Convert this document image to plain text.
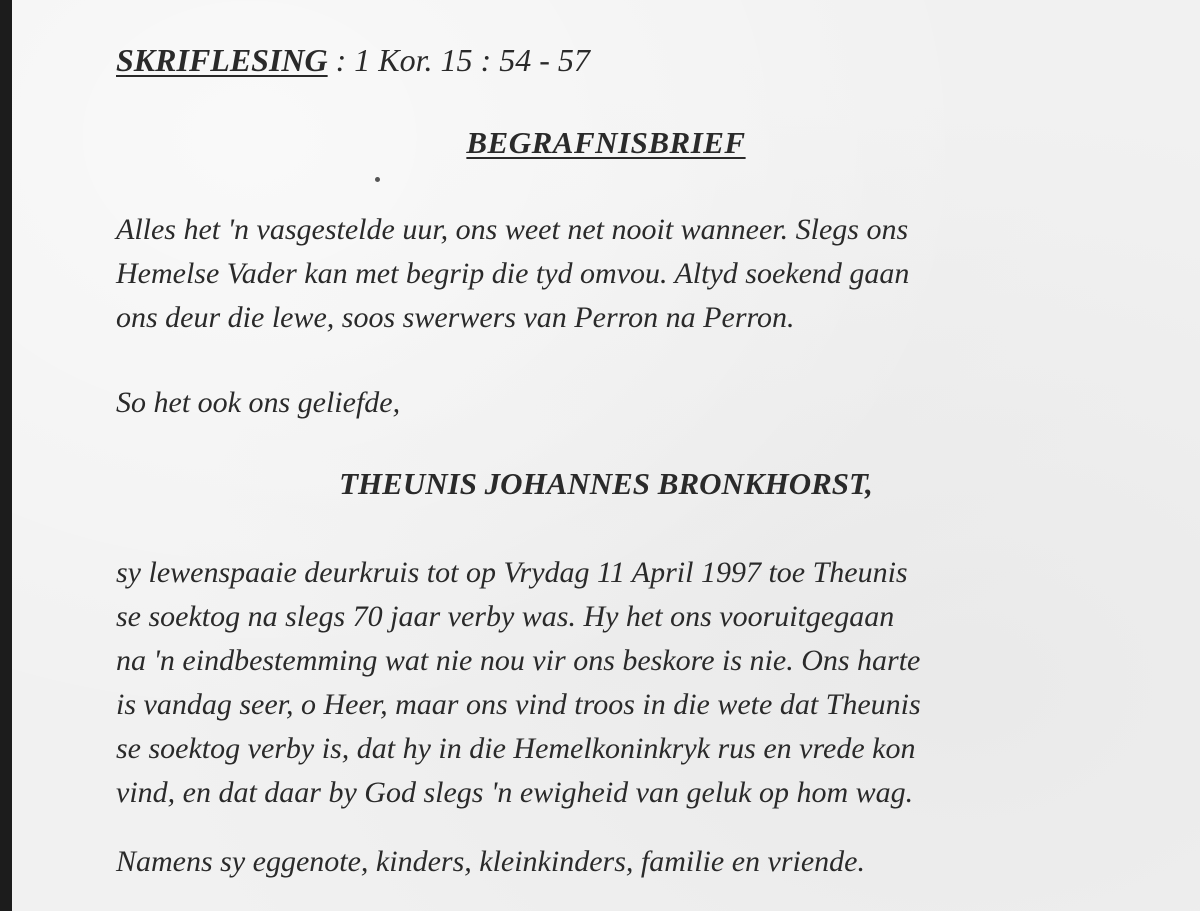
SKRIFLESING : 1 Kor. 15 : 54 - 57

BEGRAFNISBRIEF

Alles het 'n vasgestelde uur, ons weet net nooit wanneer. Slegs ons
Hemelse Vader kan met begrip die tyd omvou. Altyd soekend gaan
ons deur die lewe, soos swerwers van Perron na Perron.

So het ook ons geliefde,

THEUNIS JOHANNES BRONKHORST,

sy lewenspaaie deurkruis tot op Vrydag 11 April 1997 toe Theunis
se soektog na slegs 70 jaar verby was. Hy het ons vooruitgegaan
na 'n eindbestemming wat nie nou vir ons beskore is nie. Ons harte
is vandag seer, o Heer, maar ons vind troos in die wete dat Theunis
se soektog verby is, dat hy in die Hemelkoninkryk rus en vrede kon
vind, en dat daar by God slegs 'n ewigheid van geluk op hom wag.

Namens sy eggenote, kinders, kleinkinders, familie en vriende.
